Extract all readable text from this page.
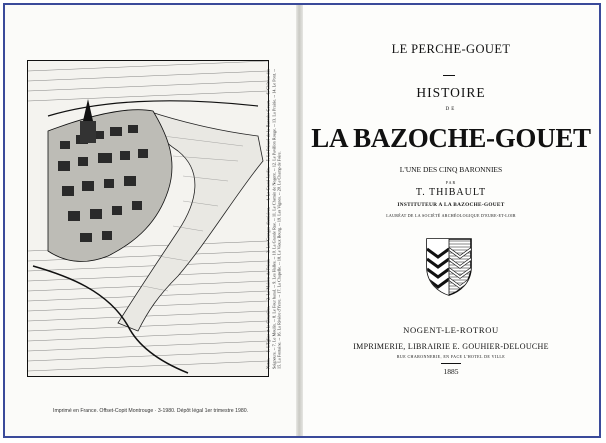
Notes. -- 1. L'Eglise et le Cimetière. -- 2. La Maison du Prieur. -- 3. Les Granges dixmiaires. -- 4. Le Grand Jardin. -- 5. Le Prieuré de la Bazoche-Gouet. -- 6. Château des Seigneurs. -- 7. Le Moulin. -- 8. Le Four banal. -- 9. Les Halles. -- 10. La Grande Rue. -- 11. Le Chemin de Nogent. -- 12. Le Pavillon Rouge. -- 13. La Prairie. -- 14. Le Pont. -- 15. La Fontaine. -- 16. La Rivière d'Yerre. -- 17. La Chapelle. -- 18. Le Vieux Bourg. -- 19. Les Vignes. -- 20. Le Champ de Foire.
Imprimé en France. Offset-Copit Montrouge · 3-1980. Dépôt légal 1er trimestre 1980.
LE PERCHE-GOUET
HISTOIRE
DE
LA BAZOCHE-GOUET
L'UNE DES CINQ BARONNIES
PAR
T. THIBAULT
INSTITUTEUR A LA BAZOCHE-GOUET
LAURÉAT DE LA SOCIÉTÉ ARCHÉOLOGIQUE D'EURE-ET-LOIR
NOGENT-LE-ROTROU
IMPRIMERIE, LIBRAIRIE E. GOUHIER-DELOUCHE
RUE CHARONNERIE, EN FACE L'HOTEL DE VILLE
1885
